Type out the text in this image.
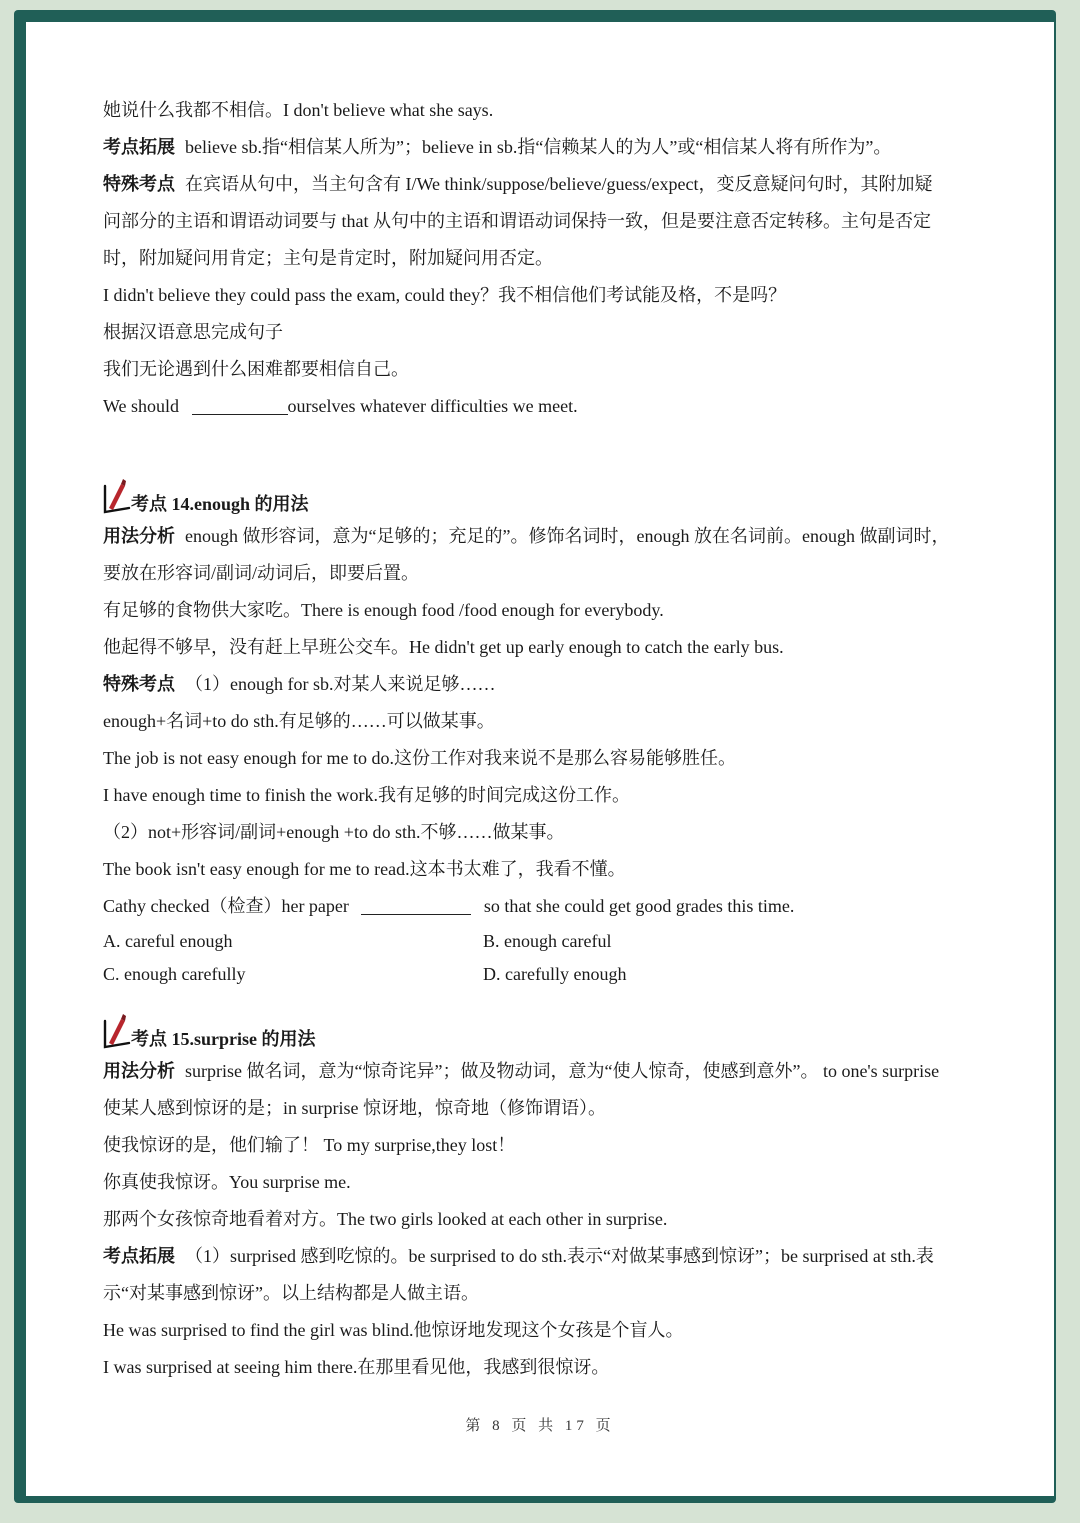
她说什么我都不相信。I don't believe what she says.
考点拓展 believe sb.指“相信某人所为”；believe in sb.指“信赖某人的为人”或“相信某人将有所作为”。
特殊考点 在宾语从句中，当主句含有 I/We think/suppose/believe/guess/expect，变反意疑问句时，其附加疑
问部分的主语和谓语动词要与 that 从句中的主语和谓语动词保持一致，但是要注意否定转移。主句是否定
时，附加疑问用肯定；主句是肯定时，附加疑问用否定。
I didn't believe they could pass the exam, could they？我不相信他们考试能及格，不是吗？
根据汉语意思完成句子
我们无论遇到什么困难都要相信自己。
We should	ourselves whatever difficulties we meet.
考点 14.enough 的用法
用法分析 enough 做形容词，意为“足够的；充足的”。修饰名词时，enough 放在名词前。enough 做副词时，
要放在形容词/副词/动词后，即要后置。
有足够的食物供大家吃。There is enough food /food enough for everybody.
他起得不够早，没有赶上早班公交车。He didn't get up early enough to catch the early bus.
特殊考点 （1）enough for sb.对某人来说足够……
enough+名词+to do sth.有足够的……可以做某事。
The job is not easy enough for me to do.这份工作对我来说不是那么容易能够胜任。
I have enough time to finish the work.我有足够的时间完成这份工作。
（2）not+形容词/副词+enough +to do sth.不够……做某事。
The book isn't easy enough for me to read.这本书太难了，我看不懂。
Cathy checked（检查）her paper	so that she could get good grades this time.
A. careful enough	B. enough careful
C. enough carefully	D. carefully enough
考点 15.surprise 的用法
用法分析 surprise 做名词，意为“惊奇诧异”；做及物动词，意为“使人惊奇，使感到意外”。 to one's surprise
使某人感到惊讶的是；in surprise 惊讶地，惊奇地（修饰谓语）。
使我惊讶的是，他们输了！ To my surprise,they lost！
你真使我惊讶。You surprise me.
那两个女孩惊奇地看着对方。The two girls looked at each other in surprise.
考点拓展 （1）surprised 感到吃惊的。be surprised to do sth.表示“对做某事感到惊讶”；be surprised at sth.表
示“对某事感到惊讶”。以上结构都是人做主语。
He was surprised to find the girl was blind.他惊讶地发现这个女孩是个盲人。
I was surprised at seeing him there.在那里看见他，我感到很惊讶。
第 8 页 共 17 页
